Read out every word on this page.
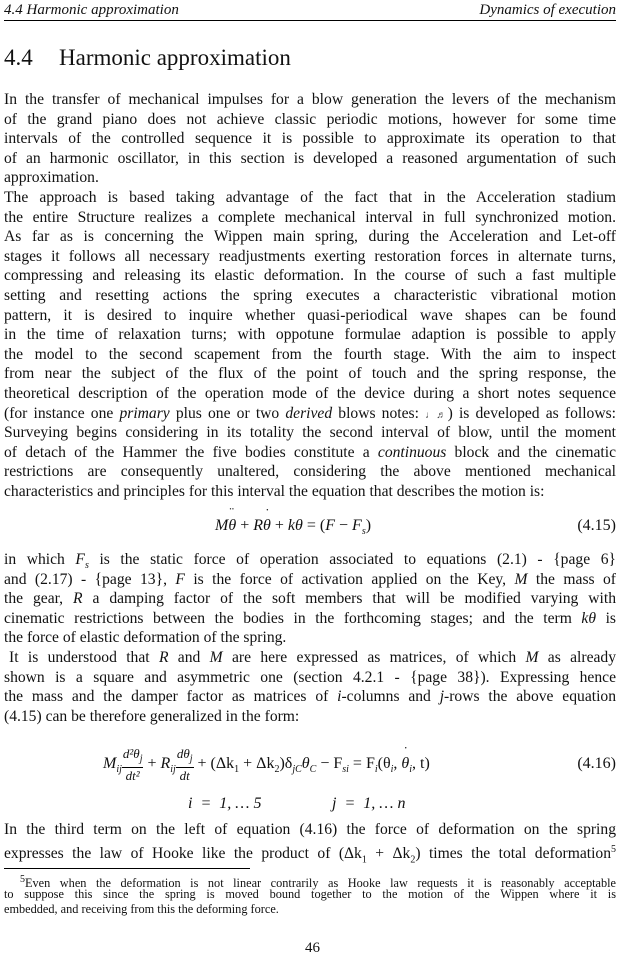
4.4 Harmonic approximation	Dynamics of execution
4.4 Harmonic approximation
In the transfer of mechanical impulses for a blow generation the levers of the mechanism
of the grand piano does not achieve classic periodic motions, however for some time
intervals of the controlled sequence it is possible to approximate its operation to that
of an harmonic oscillator, in this section is developed a reasoned argumentation of such
approximation.
The approach is based taking advantage of the fact that in the Acceleration stadium
the entire Structure realizes a complete mechanical interval in full synchronized motion.
As far as is concerning the Wippen main spring, during the Acceleration and Let-off
stages it follows all necessary readjustments exerting restoration forces in alternate turns,
compressing and releasing its elastic deformation. In the course of such a fast multiple
setting and resetting actions the spring executes a characteristic vibrational motion
pattern, it is desired to inquire whether quasi-periodical wave shapes can be found
in the time of relaxation turns; with oppotune formulae adaption is possible to apply
the model to the second scapement from the fourth stage. With the aim to inspect
from near the subject of the flux of the point of touch and the spring response, the
theoretical description of the operation mode of the device during a short notes sequence
(for instance one primary plus one or two derived blows notes: ♩♬) is developed as follows:
Surveying begins considering in its totality the second interval of blow, until the moment
of detach of the Hammer the five bodies constitute a continuous block and the cinematic
restrictions are consequently unaltered, considering the above mentioned mechanical
characteristics and principles for this interval the equation that describes the motion is:
Mθ ¨ + Rθ ˙ + $k\theta = (F - F_s)$	(4.15)
in which $F_s$ is the static force of operation associated to equations (2.1) - {page 6}
and (2.17) - {page 13}, F is the force of activation applied on the Key, M the mass of
the gear, R a damping factor of the soft members that will be modified varying with
cinematic restrictions between the bodies in the forthcoming stages; and the term kθ is
the force of elastic deformation of the spring.
It is understood that R and M are here expressed as matrices, of which M as already
shown is a square and asymmetric one (section 4.2.1 - {page 38}). Expressing hence
the mass and the damper factor as matrices of i-columns and j-rows the above equation
(4.15) can be therefore generalized in the form:
$M_{ij} \frac{d^2\theta_j}{\text{dt²}} + R_{ij} \frac{d\theta_j}{dt} + (\Delta k_1 + \Delta k_2)\delta_{jC}\theta_C - F_{si} = F_i(\theta_i$, θ $˙_i$, t)	(4.16)
i  =  1, … 5	j  =  1, … n
In the third term on the left of equation (4.16) the force of deformation on the spring
expresses the law of Hooke like the product of $(\Delta k_1 + \Delta k_2)$ times the total deformation$^5$
$^5$Even when the deformation is not linear contrarily as Hooke law requests it is reasonably acceptable
to suppose this since the spring is moved bound together to the motion of the Wippen where it is
embedded, and receiving from this the deforming force.
46
